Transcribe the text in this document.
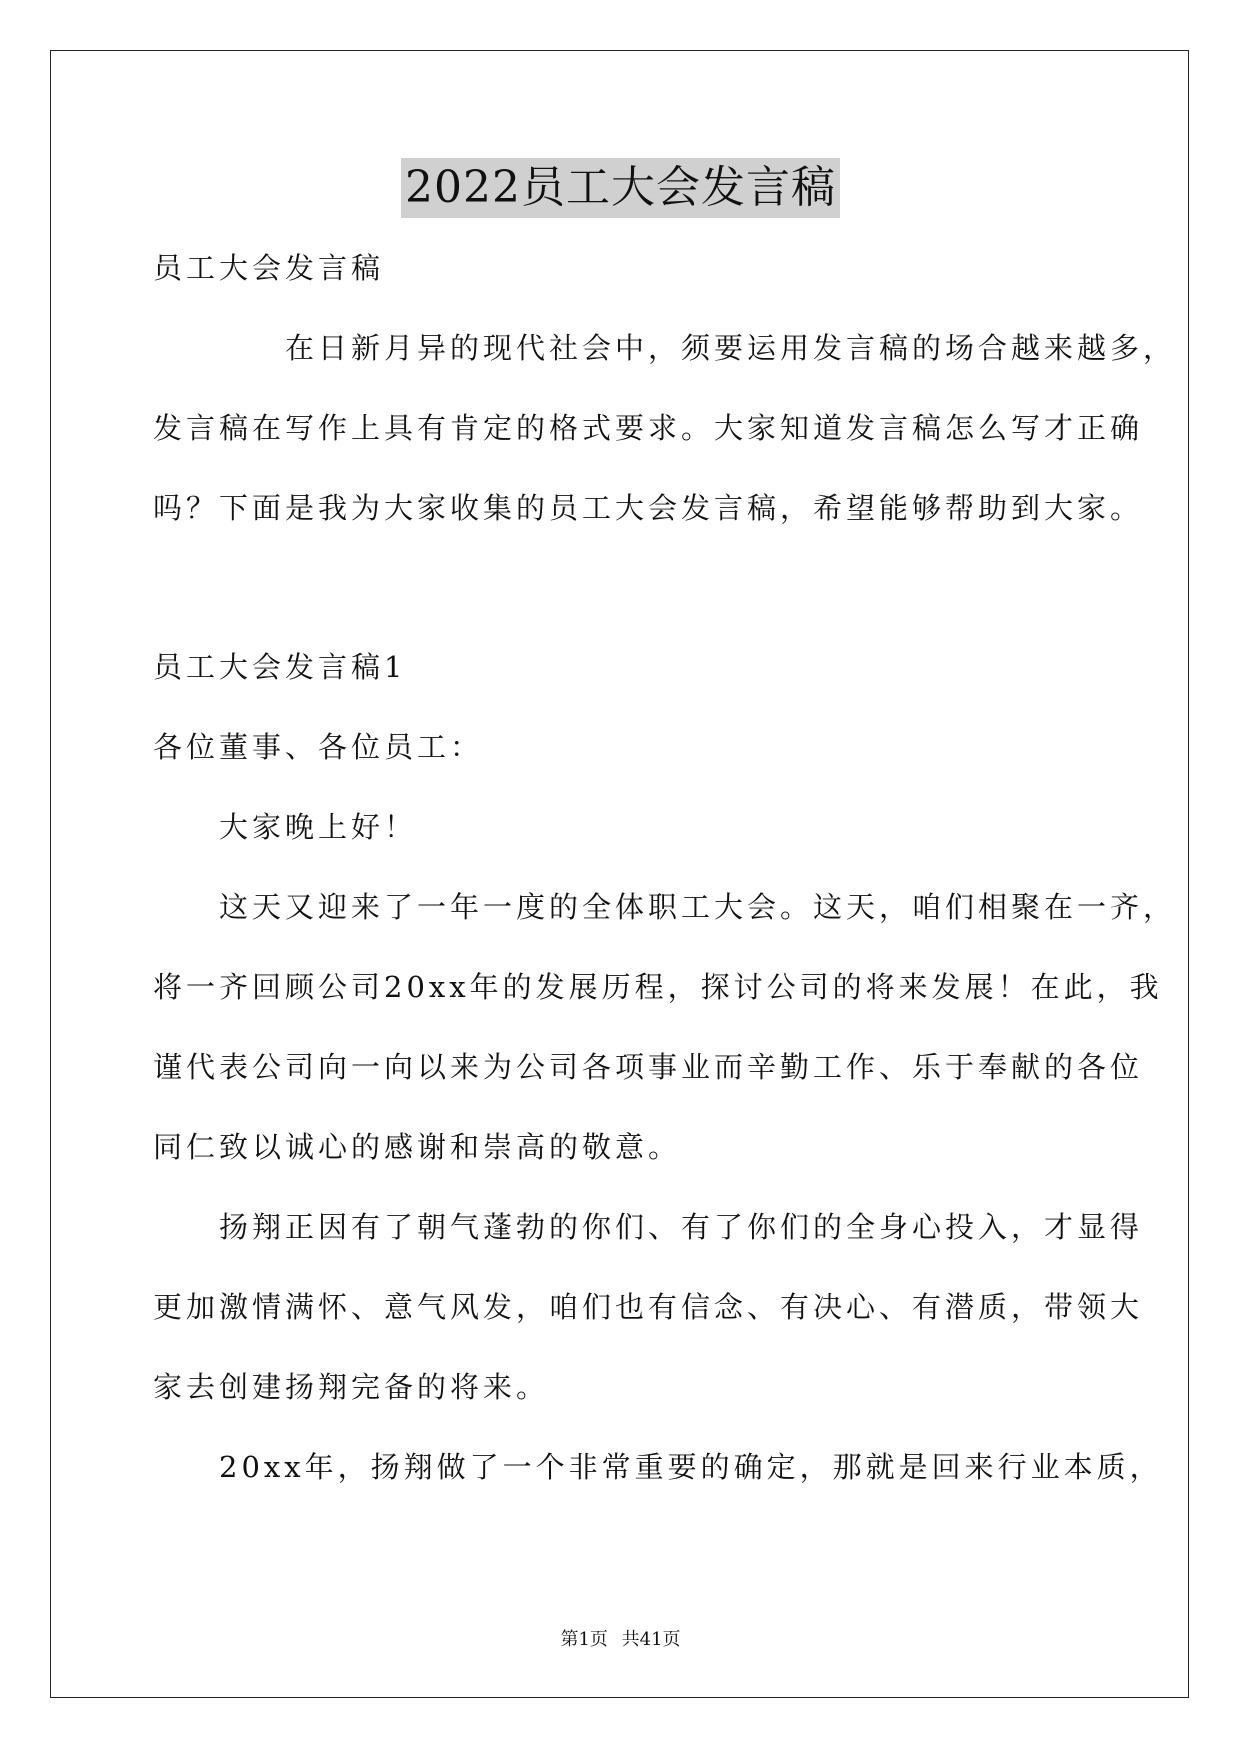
2022员工大会发言稿
员工大会发言稿
　　　　在日新月异的现代社会中，须要运用发言稿的场合越来越多，
发言稿在写作上具有肯定的格式要求。大家知道发言稿怎么写才正确
吗？下面是我为大家收集的员工大会发言稿，希望能够帮助到大家。
员工大会发言稿1
各位董事、各位员工：
　　大家晚上好！
　　这天又迎来了一年一度的全体职工大会。这天，咱们相聚在一齐，
将一齐回顾公司20xx年的发展历程，探讨公司的将来发展！在此，我
谨代表公司向一向以来为公司各项事业而辛勤工作、乐于奉献的各位
同仁致以诚心的感谢和崇高的敬意。
　　扬翔正因有了朝气蓬勃的你们、有了你们的全身心投入，才显得
更加激情满怀、意气风发，咱们也有信念、有决心、有潜质，带领大
家去创建扬翔完备的将来。
　　20xx年，扬翔做了一个非常重要的确定，那就是回来行业本质，
第1页 共41页
